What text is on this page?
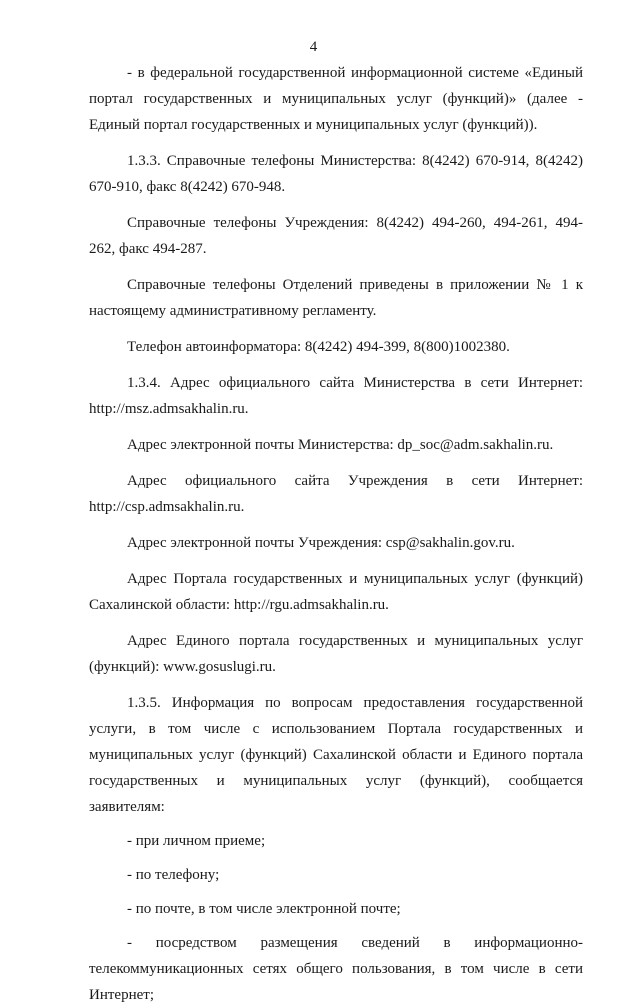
4

- в федеральной государственной информационной системе «Единый портал государственных и муниципальных услуг (функций)» (далее - Единый портал государственных и муниципальных услуг (функций)).

1.3.3. Справочные телефоны Министерства: 8(4242) 670-914, 8(4242) 670-910, факс 8(4242) 670-948.

Справочные телефоны Учреждения: 8(4242) 494-260, 494-261, 494-262, факс 494-287.

Справочные телефоны Отделений приведены в приложении № 1 к настоящему административному регламенту.

Телефон автоинформатора: 8(4242) 494-399, 8(800)1002380.

1.3.4. Адрес официального сайта Министерства в сети Интернет: http://msz.admsakhalin.ru.

Адрес электронной почты Министерства: dp_soc@adm.sakhalin.ru.

Адрес официального сайта Учреждения в сети Интернет: http://csp.admsakhalin.ru.

Адрес электронной почты Учреждения: csp@sakhalin.gov.ru.

Адрес Портала государственных и муниципальных услуг (функций) Сахалинской области: http://rgu.admsakhalin.ru.

Адрес Единого портала государственных и муниципальных услуг (функций): www.gosuslugi.ru.

1.3.5. Информация по вопросам предоставления государственной услуги, в том числе с использованием Портала государственных и муниципальных услуг (функций) Сахалинской области и Единого портала государственных и муниципальных услуг (функций), сообщается заявителям:

- при личном приеме;

- по телефону;

- по почте, в том числе электронной почте;

- посредством размещения сведений в информационно-телекоммуникационных сетях общего пользования, в том числе в сети Интернет;
